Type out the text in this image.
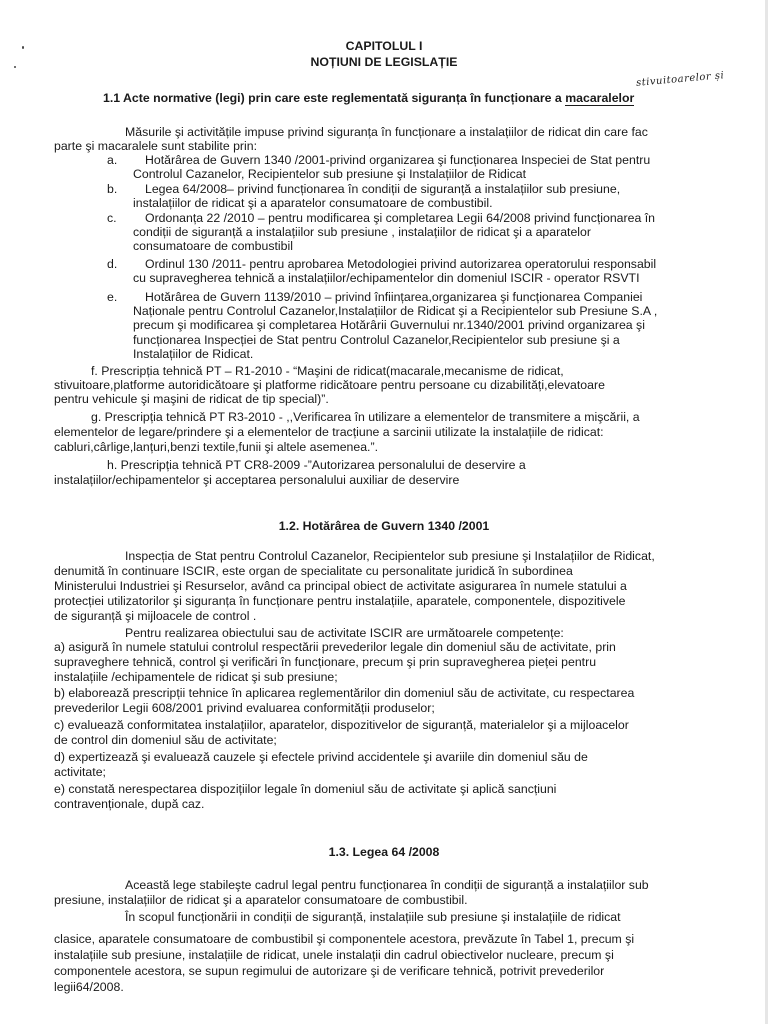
CAPITOLUL I

NOȚIUNI DE LEGISLAȚIE

stivuitoarelor și

1.1 Acte normative (legi) prin care este reglementată siguranța în funcționare a macaralelor

Măsurile şi activitățile impuse privind siguranța în funcționare a instalațiilor de ridicat din care fac

parte şi macaralele sunt stabilite prin:

a. Hotărârea de Guvern 1340 /2001-privind organizarea şi funcționarea Inspeciei de Stat pentru

Controlul Cazanelor, Recipientelor sub presiune şi Instalațiilor de Ridicat

b. Legea 64/2008– privind funcționarea în condiții de siguranță a instalațiilor sub presiune,

instalațiilor de ridicat şi a aparatelor consumatoare de combustibil.

c. Ordonanța 22 /2010 – pentru modificarea şi completarea Legii 64/2008 privind funcționarea în

condiții de siguranță a instalațiilor sub presiune , instalațiilor de ridicat şi a aparatelor

consumatoare de combustibil

d. Ordinul 130 /2011- pentru aprobarea Metodologiei privind autorizarea operatorului responsabil

cu supravegherea tehnică a instalațiilor/echipamentelor din domeniul ISCIR - operator RSVTI

e. Hotărârea de Guvern 1139/2010 – privind înființarea,organizarea şi funcționarea Companiei

Naționale pentru Controlul Cazanelor,Instalațiilor de Ridicat şi a Recipientelor sub Presiune S.A ,

precum şi modificarea şi completarea Hotărârii Guvernului nr.1340/2001 privind organizarea şi

funcționarea Inspecției de Stat pentru Controlul Cazanelor,Recipientelor sub presiune şi a

Instalațiilor de Ridicat.

f. Prescripția tehnică PT – R1-2010 - “Maşini de ridicat(macarale,mecanisme de ridicat,

stivuitoare,platforme autoridicătoare şi platforme ridicătoare pentru persoane cu dizabilități,elevatoare

pentru vehicule şi maşini de ridicat de tip special)”.

g. Prescripția tehnică PT R3-2010 - ,,Verificarea în utilizare a elementelor de transmitere a mişcării, a

elementelor de legare/prindere şi a elementelor de tracțiune a sarcinii utilizate la instalațiile de ridicat:

cabluri,cârlige,lanțuri,benzi textile,funii şi altele asemenea.”.

h. Prescripția tehnică PT CR8-2009 -”Autorizarea personalului de deservire a

instalațiilor/echipamentelor şi acceptarea personalului auxiliar de deservire

1.2. Hotărârea de Guvern 1340 /2001

Inspecția de Stat pentru Controlul Cazanelor, Recipientelor sub presiune şi Instalațiilor de Ridicat,

denumită în continuare ISCIR, este organ de specialitate cu personalitate juridică în subordinea

Ministerului Industriei şi Resurselor, având ca principal obiect de activitate asigurarea în numele statului a

protecției utilizatorilor şi siguranța în funcționare pentru instalațiile, aparatele, componentele, dispozitivele

de siguranță şi mijloacele de control .

Pentru realizarea obiectului sau de activitate ISCIR are următoarele competențe:

a) asigură în numele statului controlul respectării prevederilor legale din domeniul său de activitate, prin

supraveghere tehnică, control şi verificări în funcționare, precum şi prin supravegherea pieței pentru

instalațiile /echipamentele de ridicat şi sub presiune;

b) elaborează prescripții tehnice în aplicarea reglementărilor din domeniul său de activitate, cu respectarea

prevederilor Legii 608/2001 privind evaluarea conformității produselor;

c) evaluează conformitatea instalațiilor, aparatelor, dispozitivelor de siguranță, materialelor şi a mijloacelor

de control din domeniul său de activitate;

d) expertizează şi evaluează cauzele şi efectele privind accidentele şi avariile din domeniul său de

activitate;

e) constată nerespectarea dispozițiilor legale în domeniul său de activitate şi aplică sancțiuni

contravenționale, după caz.

1.3. Legea 64 /2008

Această lege stabileşte cadrul legal pentru funcționarea în condiții de siguranță a instalațiilor sub

presiune, instalațiilor de ridicat şi a aparatelor consumatoare de combustibil.

În scopul funcționării in condiții de siguranță, instalațiile sub presiune şi instalațiile de ridicat

clasice, aparatele consumatoare de combustibil şi componentele acestora, prevăzute în Tabel 1, precum şi

instalațiile sub presiune, instalațiile de ridicat, unele instalații din cadrul obiectivelor nucleare, precum şi

componentele acestora, se supun regimului de autorizare şi de verificare tehnică, potrivit prevederilor

legii64/2008.
